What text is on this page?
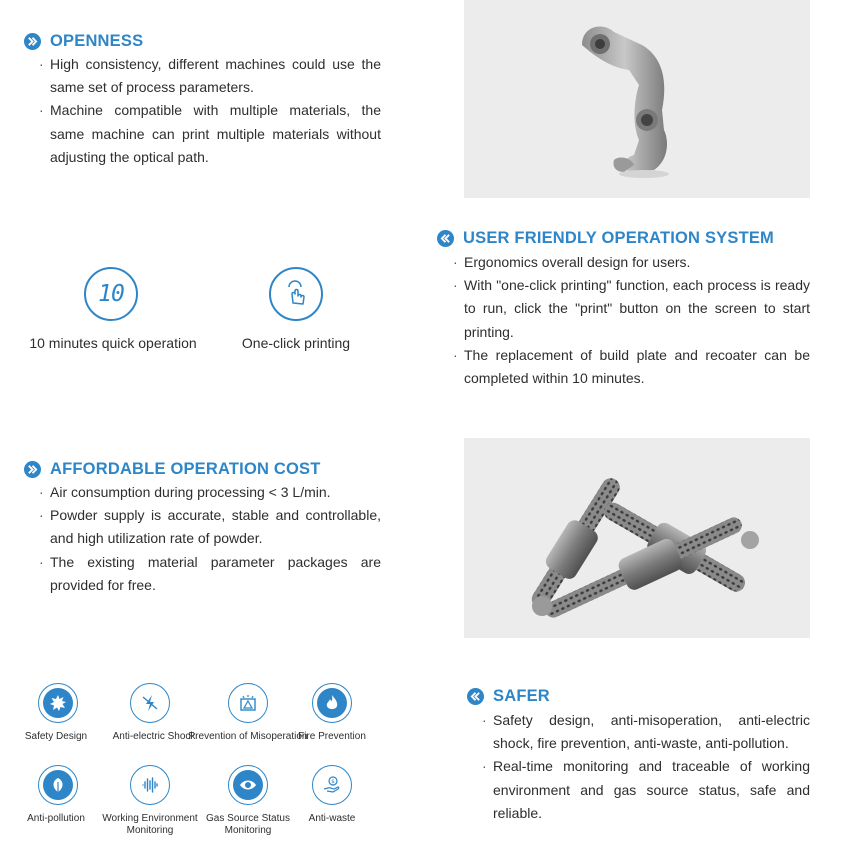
OPENNESS
· High consistency, different machines could use the same set of process parameters.
· Machine compatible with multiple materials, the same machine can print multiple materials without adjusting the optical path.
USER FRIENDLY OPERATION SYSTEM
· Ergonomics overall design for users.
· With "one-click printing" function, each process is ready to run, click the "print" button on the screen to start printing.
· The replacement of build plate and recoater can be completed within 10 minutes.
10
10 minutes quick operation	One-click printing
AFFORDABLE OPERATION COST
· Air consumption during processing < 3 L/min.
· Powder supply is accurate, stable and controllable, and high utilization rate of powder.
· The existing material parameter packages are provided for free.
Safety Design	Anti-electric Shock
Prevention of Misoperation
Fire Prevention
Anti-pollution	Working Environment Monitoring
Gas Source Status Monitoring
$
Anti-waste
SAFER
· Safety design, anti-misoperation, anti-electric shock, fire prevention, anti-waste, anti-pollution.
· Real-time monitoring and traceable of working environment and gas source status, safe and reliable.
